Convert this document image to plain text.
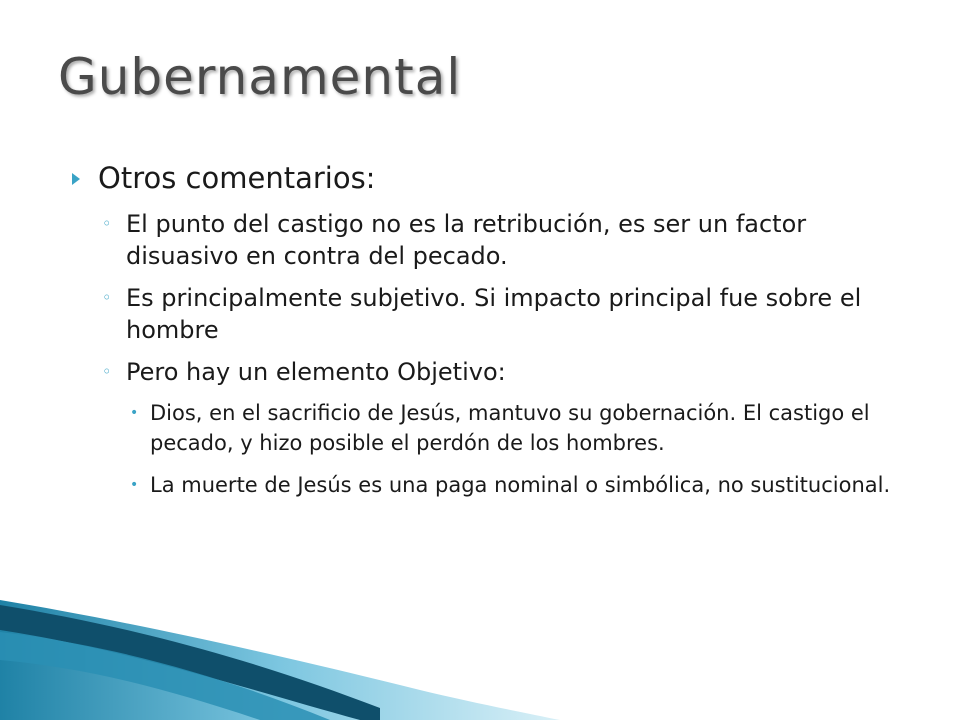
Gubernamental
Otros comentarios:
◦ El punto del castigo no es la retribución, es ser un factor disuasivo en contra del pecado.
◦ Es principalmente subjetivo. Si impacto principal fue sobre el hombre
◦ Pero hay un elemento Objetivo:
• Dios, en el sacrificio de Jesús, mantuvo su gobernación. El castigo el pecado, y hizo posible el perdón de los hombres.
• La muerte de Jesús es una paga nominal o simbólica, no sustitucional.
